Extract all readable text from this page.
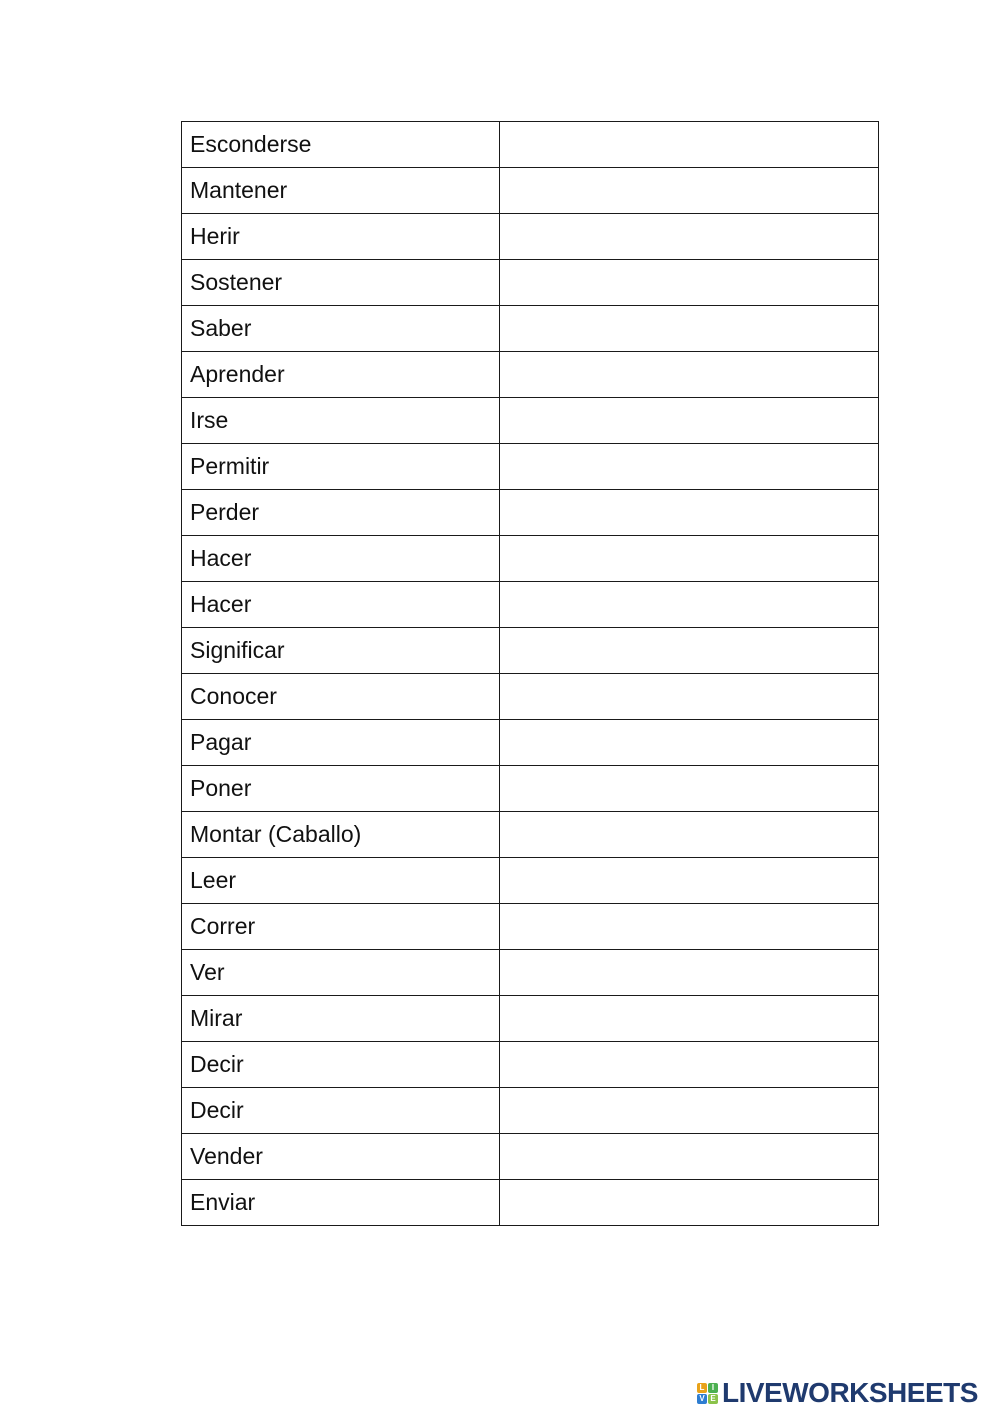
Esconderse	
Mantener	
Herir	
Sostener	
Saber	
Aprender	
Irse	
Permitir	
Perder	
Hacer	
Hacer	
Significar	
Conocer	
Pagar	
Poner	
Montar (Caballo)	
Leer	
Correr	
Ver	
Mirar	
Decir	
Decir	
Vender	
Enviar	
L I
V E LIVEWORKSHEETS
